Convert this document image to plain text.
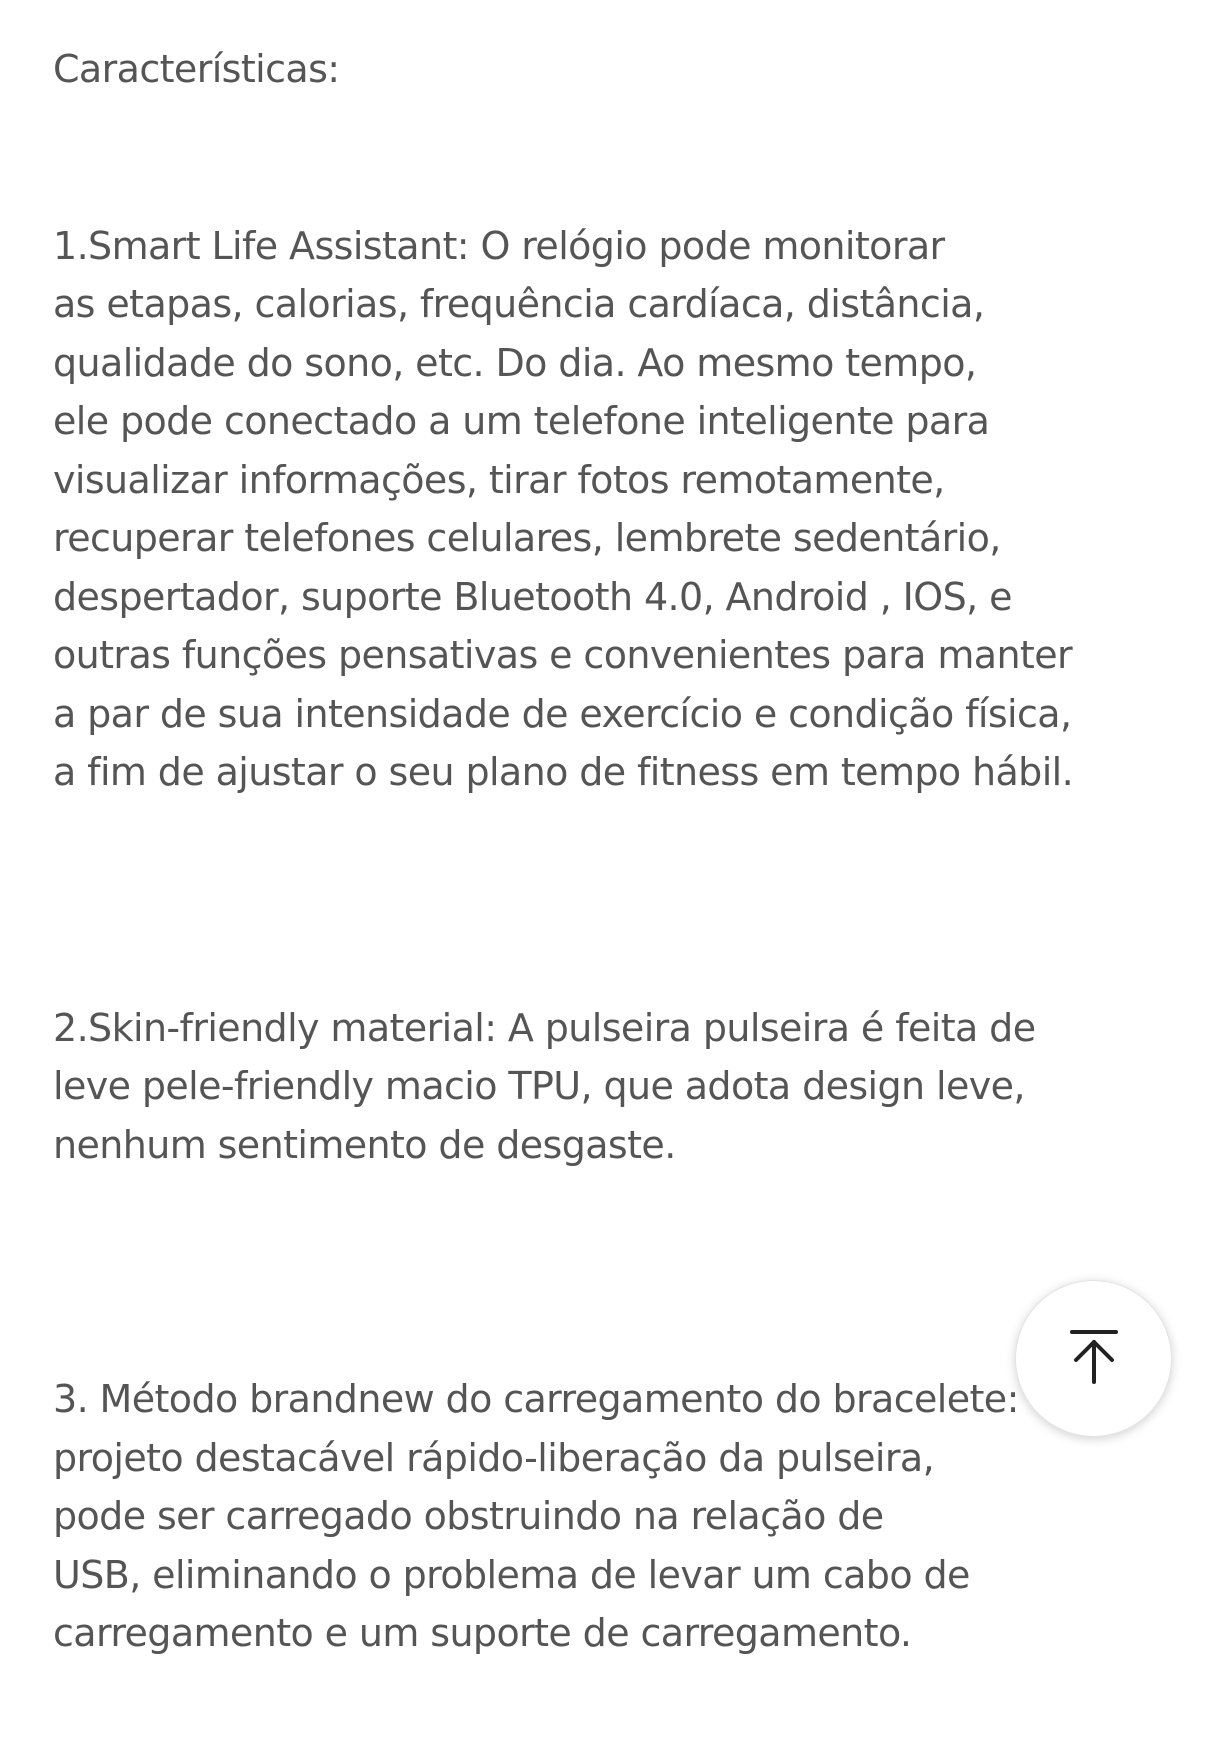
Características:

1.Smart Life Assistant: O relógio pode monitorar
as etapas, calorias, frequência cardíaca, distância,
qualidade do sono, etc. Do dia. Ao mesmo tempo,
ele pode conectado a um telefone inteligente para
visualizar informações, tirar fotos remotamente,
recuperar telefones celulares, lembrete sedentário,
despertador, suporte Bluetooth 4.0, Android , IOS, e
outras funções pensativas e convenientes para manter
a par de sua intensidade de exercício e condição física,
a fim de ajustar o seu plano de fitness em tempo hábil.

2.Skin-friendly material: A pulseira pulseira é feita de
leve pele-friendly macio TPU, que adota design leve,
nenhum sentimento de desgaste.

3. Método brandnew do carregamento do bracelete:
projeto destacável rápido-liberação da pulseira,
pode ser carregado obstruindo na relação de
USB, eliminando o problema de levar um cabo de
carregamento e um suporte de carregamento.
